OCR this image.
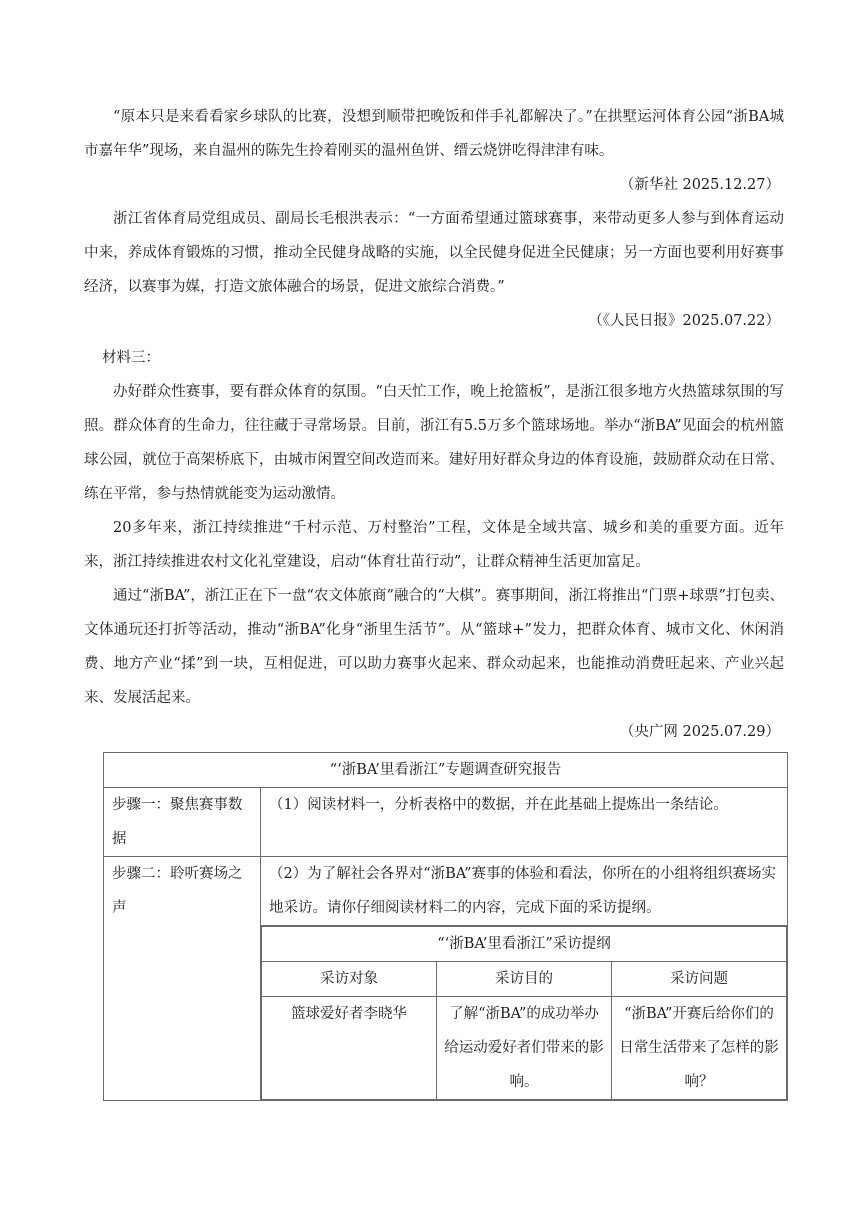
“原本只是来看看家乡球队的比赛，没想到顺带把晚饭和伴手礼都解决了。”在拱墅运河体育公园“浙BA城市嘉年华”现场，来自温州的陈先生拎着刚买的温州鱼饼、缙云烧饼吃得津津有味。

（新华社 2025.12.27）

浙江省体育局党组成员、副局长毛根洪表示：“一方面希望通过篮球赛事，来带动更多人参与到体育运动中来，养成体育锻炼的习惯，推动全民健身战略的实施，以全民健身促进全民健康；另一方面也要利用好赛事经济，以赛事为媒，打造文旅体融合的场景，促进文旅综合消费。”

（《人民日报》2025.07.22）

材料三：

办好群众性赛事，要有群众体育的氛围。“白天忙工作，晚上抢篮板”，是浙江很多地方火热篮球氛围的写照。群众体育的生命力，往往藏于寻常场景。目前，浙江有5.5万多个篮球场地。举办“浙BA”见面会的杭州篮球公园，就位于高架桥底下，由城市闲置空间改造而来。建好用好群众身边的体育设施，鼓励群众动在日常、练在平常，参与热情就能变为运动激情。

20多年来，浙江持续推进“千村示范、万村整治”工程，文体是全域共富、城乡和美的重要方面。近年来，浙江持续推进农村文化礼堂建设，启动“体育壮苗行动”，让群众精神生活更加富足。

通过“浙BA”，浙江正在下一盘“农文体旅商”融合的“大棋”。赛事期间，浙江将推出“门票+球票”打包卖、文体通玩还打折等活动，推动“浙BA”化身“浙里生活节”。从“篮球+”发力，把群众体育、城市文化、休闲消费、地方产业“揉”到一块，互相促进，可以助力赛事火起来、群众动起来，也能推动消费旺起来、产业兴起来、发展活起来。

（央广网 2025.07.29）

“‘浙BA’里看浙江”专题调查研究报告
步骤一：聚焦赛事数据	（1）阅读材料一，分析表格中的数据，并在此基础上提炼出一条结论。
步骤二：聆听赛场之声	（2）为了解社会各界对“浙BA”赛事的体验和看法，你所在的小组将组织赛场实地采访。请你仔细阅读材料二的内容，完成下面的采访提纲。

“‘浙BA’里看浙江”采访提纲
采访对象	采访目的	采访问题
篮球爱好者李晓华	了解“浙BA”的成功举办给运动爱好者们带来的影响。	“浙BA”开赛后给你们的日常生活带来了怎样的影响？
